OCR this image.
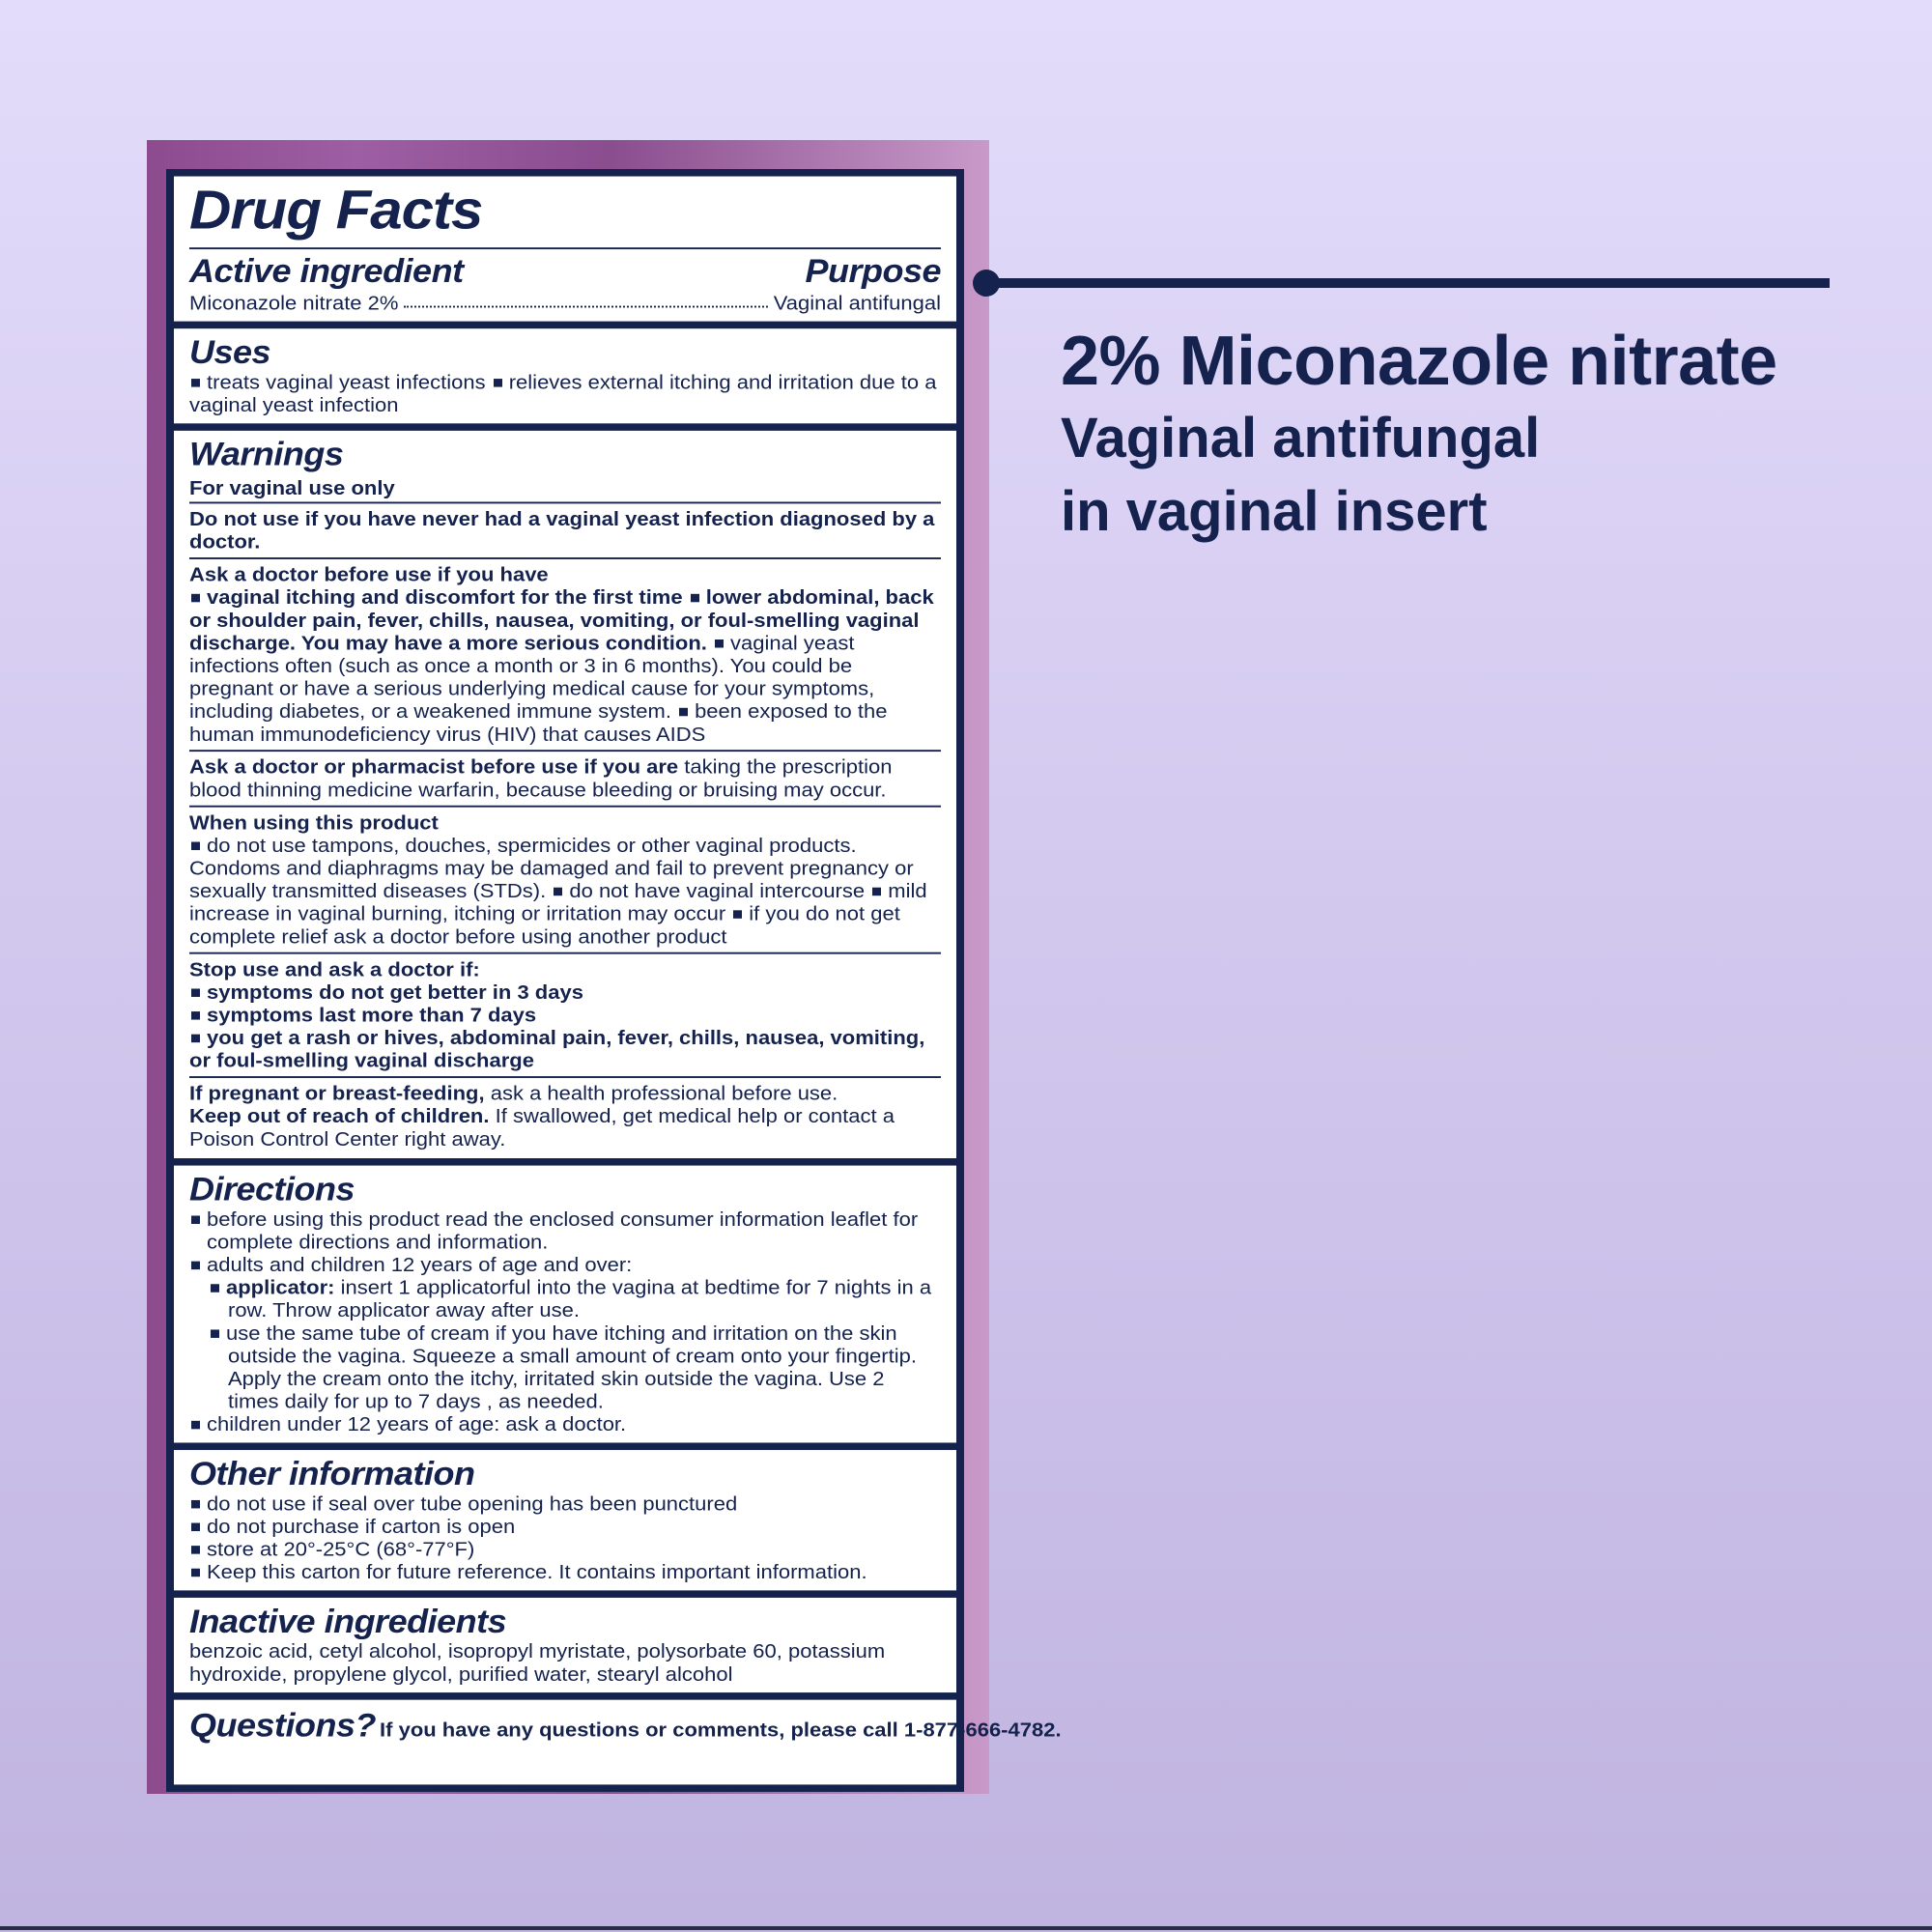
Drug Facts
Active ingredient	Purpose
Miconazole nitrate 2%	Vaginal antifungal
Uses
treats vaginal yeast infections relieves external itching and irritation due to a vaginal yeast infection
Warnings
For vaginal use only
Do not use if you have never had a vaginal yeast infection diagnosed by a doctor.
Ask a doctor before use if you have
vaginal itching and discomfort for the first time lower abdominal, back or shoulder pain, fever, chills, nausea, vomiting, or foul-smelling vaginal discharge. You may have a more serious condition. vaginal yeast infections often (such as once a month or 3 in 6 months). You could be pregnant or have a serious underlying medical cause for your symptoms, including diabetes, or a weakened immune system. been exposed to the human immunodeficiency virus (HIV) that causes AIDS
Ask a doctor or pharmacist before use if you are taking the prescription blood thinning medicine warfarin, because bleeding or bruising may occur.
When using this product
do not use tampons, douches, spermicides or other vaginal products. Condoms and diaphragms may be damaged and fail to prevent pregnancy or sexually transmitted diseases (STDs). do not have vaginal intercourse mild increase in vaginal burning, itching or irritation may occur if you do not get complete relief ask a doctor before using another product
Stop use and ask a doctor if:
symptoms do not get better in 3 days
symptoms last more than 7 days
you get a rash or hives, abdominal pain, fever, chills, nausea, vomiting, or foul-smelling vaginal discharge
If pregnant or breast-feeding, ask a health professional before use.
Keep out of reach of children. If swallowed, get medical help or contact a Poison Control Center right away.
Directions
before using this product read the enclosed consumer information leaflet for complete directions and information.
adults and children 12 years of age and over:
applicator: insert 1 applicatorful into the vagina at bedtime for 7 nights in a row. Throw applicator away after use.
use the same tube of cream if you have itching and irritation on the skin outside the vagina. Squeeze a small amount of cream onto your fingertip. Apply the cream onto the itchy, irritated skin outside the vagina. Use 2 times daily for up to 7 days , as needed.
children under 12 years of age: ask a doctor.
Other information
do not use if seal over tube opening has been punctured
do not purchase if carton is open
store at 20°-25°C (68°-77°F)
Keep this carton for future reference. It contains important information.
Inactive ingredients
benzoic acid, cetyl alcohol, isopropyl myristate, polysorbate 60, potassium hydroxide, propylene glycol, purified water, stearyl alcohol
Questions? If you have any questions or comments, please call 1-877-666-4782.
2% Miconazole nitrate
Vaginal antifungal
in vaginal insert
